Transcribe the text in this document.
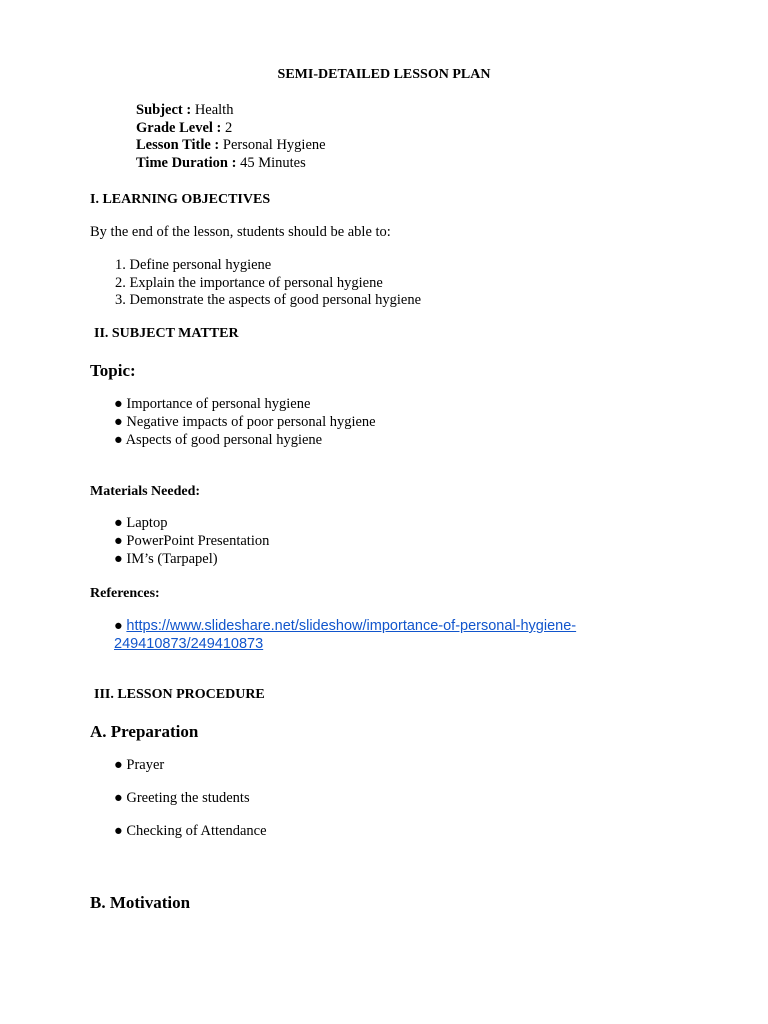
SEMI-DETAILED LESSON PLAN
Subject : Health
Grade Level : 2
Lesson Title : Personal Hygiene
Time Duration : 45 Minutes
I. LEARNING OBJECTIVES
By the end of the lesson, students should be able to:
1. Define personal hygiene
2. Explain the importance of personal hygiene
3. Demonstrate the aspects of good personal hygiene
II. SUBJECT MATTER
Topic:
● Importance of personal hygiene
● Negative impacts of poor personal hygiene
● Aspects of good personal hygiene
Materials Needed:
● Laptop
● PowerPoint Presentation
● IM’s (Tarpapel)
References:
● https://www.slideshare.net/slideshow/importance-of-personal-hygiene-249410873/249410873
III. LESSON PROCEDURE
A. Preparation
● Prayer
● Greeting the students
● Checking of Attendance
B. Motivation
